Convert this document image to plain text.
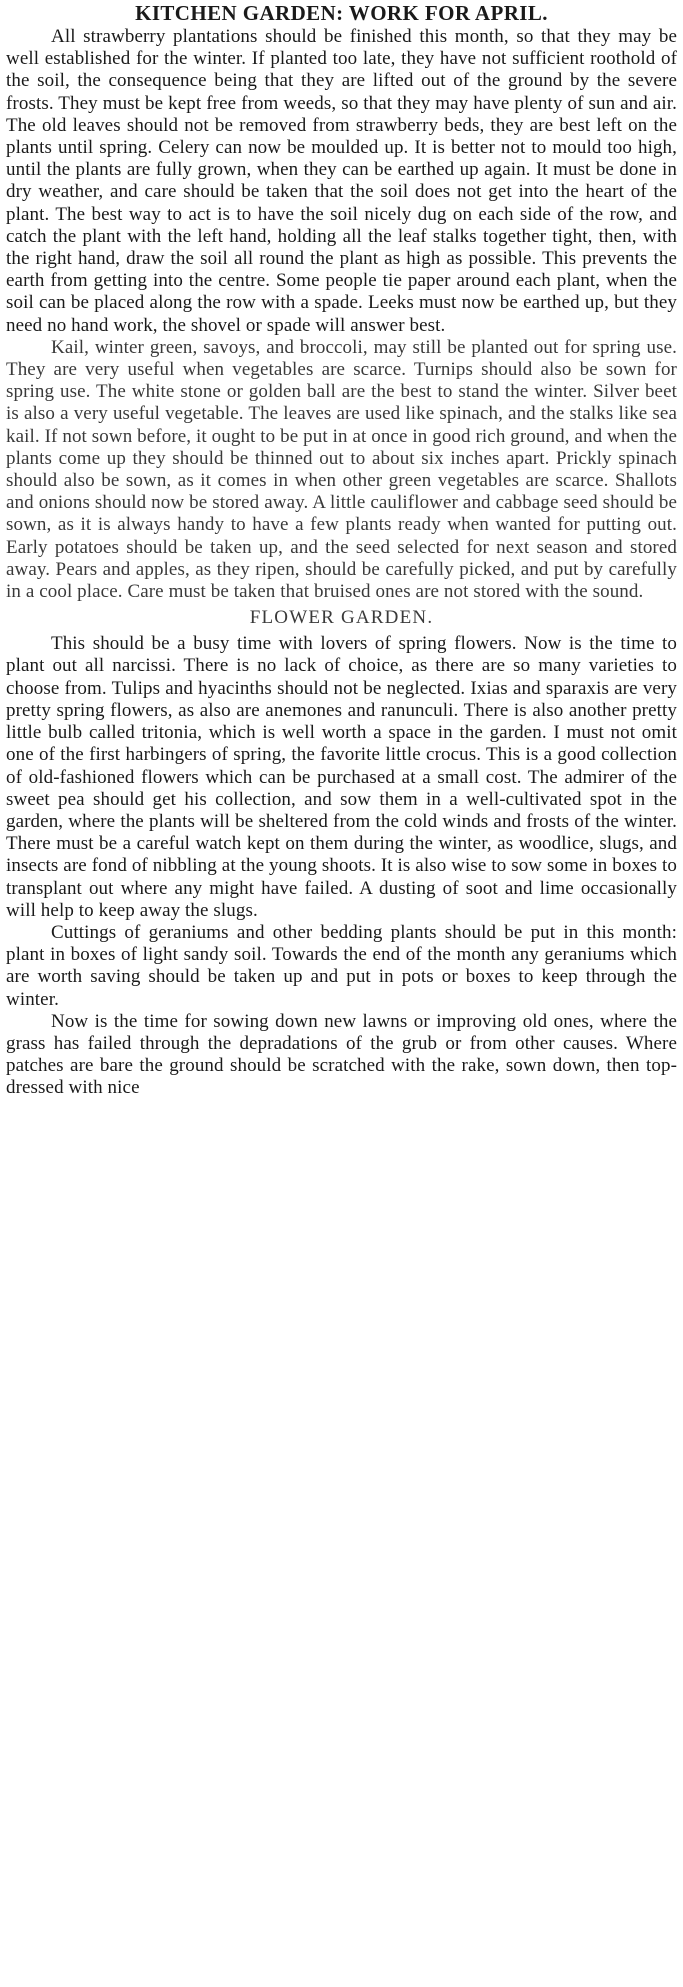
KITCHEN GARDEN: WORK FOR APRIL.

All strawberry plantations should be finished this month, so that they may be well established for the winter. If planted too late, they have not sufficient roothold of the soil, the consequence being that they are lifted out of the ground by the severe frosts. They must be kept free from weeds, so that they may have plenty of sun and air. The old leaves should not be removed from strawberry beds, they are best left on the plants until spring. Celery can now be moulded up. It is better not to mould too high, until the plants are fully grown, when they can be earthed up again. It must be done in dry weather, and care should be taken that the soil does not get into the heart of the plant. The best way to act is to have the soil nicely dug on each side of the row, and catch the plant with the left hand, holding all the leaf stalks together tight, then, with the right hand, draw the soil all round the plant as high as possible. This prevents the earth from getting into the centre. Some people tie paper around each plant, when the soil can be placed along the row with a spade. Leeks must now be earthed up, but they need no hand work, the shovel or spade will answer best.

Kail, winter green, savoys, and broccoli, may still be planted out for spring use. They are very useful when vegetables are scarce. Turnips should also be sown for spring use. The white stone or golden ball are the best to stand the winter. Silver beet is also a very useful vegetable. The leaves are used like spinach, and the stalks like sea kail. If not sown before, it ought to be put in at once in good rich ground, and when the plants come up they should be thinned out to about six inches apart. Prickly spinach should also be sown, as it comes in when other green vegetables are scarce. Shallots and onions should now be stored away. A little cauliflower and cabbage seed should be sown, as it is always handy to have a few plants ready when wanted for putting out. Early potatoes should be taken up, and the seed selected for next season and stored away. Pears and apples, as they ripen, should be carefully picked, and put by carefully in a cool place. Care must be taken that bruised ones are not stored with the sound.

FLOWER GARDEN.

This should be a busy time with lovers of spring flowers. Now is the time to plant out all narcissi. There is no lack of choice, as there are so many varieties to choose from. Tulips and hyacinths should not be neglected. Ixias and sparaxis are very pretty spring flowers, as also are anemones and ranunculi. There is also another pretty little bulb called tritonia, which is well worth a space in the garden. I must not omit one of the first harbingers of spring, the favorite little crocus. This is a good collection of old-fashioned flowers which can be purchased at a small cost. The admirer of the sweet pea should get his collection, and sow them in a well-cultivated spot in the garden, where the plants will be sheltered from the cold winds and frosts of the winter. There must be a careful watch kept on them during the winter, as woodlice, slugs, and insects are fond of nibbling at the young shoots. It is also wise to sow some in boxes to transplant out where any might have failed. A dusting of soot and lime occasionally will help to keep away the slugs.

Cuttings of geraniums and other bedding plants should be put in this month: plant in boxes of light sandy soil. Towards the end of the month any geraniums which are worth saving should be taken up and put in pots or boxes to keep through the winter.

Now is the time for sowing down new lawns or improving old ones, where the grass has failed through the depradations of the grub or from other causes. Where patches are bare the ground should be scratched with the rake, sown down, then top-dressed with nice
